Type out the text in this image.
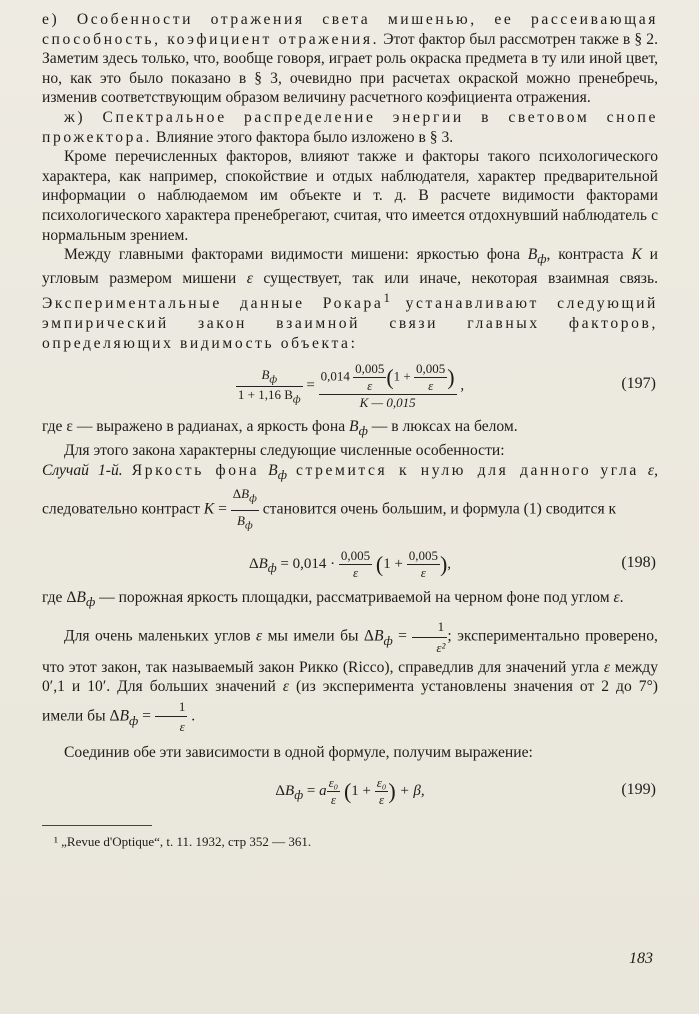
е) Особенности отражения света мишенью, ее рассеивающая способность, коэфициент отражения. Этот фактор был рассмотрен также в § 2. Заметим здесь только, что, вообще говоря, играет роль окраска предмета в ту или иной цвет, но, как это было показано в § 3, очевидно при расчетах окраской можно пренебречь, изменив соответствующим образом величину расчетного коэфициента отражения.

ж) Спектральное распределение энергии в световом снопе прожектора. Влияние этого фактора было изложено в § 3.

Кроме перечисленных факторов, влияют также и факторы такого психологического характера, как например, спокойствие и отдых наблюдателя, характер предварительной информации о наблюдаемом им объекте и т. д. В расчете видимости факторами психологического характера пренебрегают, считая, что имеется отдохнувший наблюдатель с нормальным зрением.

Между главными факторами видимости мишени: яркостью фона $B_ф$, контраста K и угловым размером мишени ε существует, так или иначе, некоторая взаимная связь. Экспериментальные данные Рокара$^1$ устанавливают следующий эмпирический закон взаимной связи главных факторов, определяющих видимость объекта:

$\frac{B_ф}{1 + 1,16 B_ф} = \frac{0,014 \frac{0,005}{\varepsilon} (1 + \frac{0,005}{\varepsilon} )}{K — 0,015}$ ,	(197)

где ε — выражено в радианах, а яркость фона $B_ф$ — в люксах на белом.

Для этого закона характерны следующие численные особенности:

Случай 1-й. Яркость фона $B_ф$ стремится к нулю для данного угла ε, следовательно контраст $K = \frac{\Delta B_ф}{B_ф}$ становится очень большим, и формула (1) сводится к

$\Delta B_ф = 0,014 \cdot \frac{0,005}{\varepsilon} (1 + \frac{0,005}{\varepsilon}$ ),	(198)

где $\Delta B_ф$ — порожная яркость площадки, рассматриваемой на черном фоне под углом ε.

Для очень маленьких углов ε мы имели бы $\Delta B_ф = \frac{1}{\text{ε²}}$ ; экспериментально проверено, что этот закон, так называемый закон Рикко (Riccо), справедлив для значений угла ε между 0′,1 и 10′. Для больших значений ε (из эксперимента установлены значения от 2 до 7°) имели бы $\Delta B_ф = \frac{1}{\varepsilon}$ .

Соединив обе эти зависимости в одной формуле, получим выражение:

$\Delta B_ф = a \frac{\text{ε₀}}{\varepsilon} (1 + \frac{\text{ε₀}}{\varepsilon}$ ) + β,	(199)

¹ „Revue d'Optique“, t. 11. 1932, стр 352 — 361.

183
